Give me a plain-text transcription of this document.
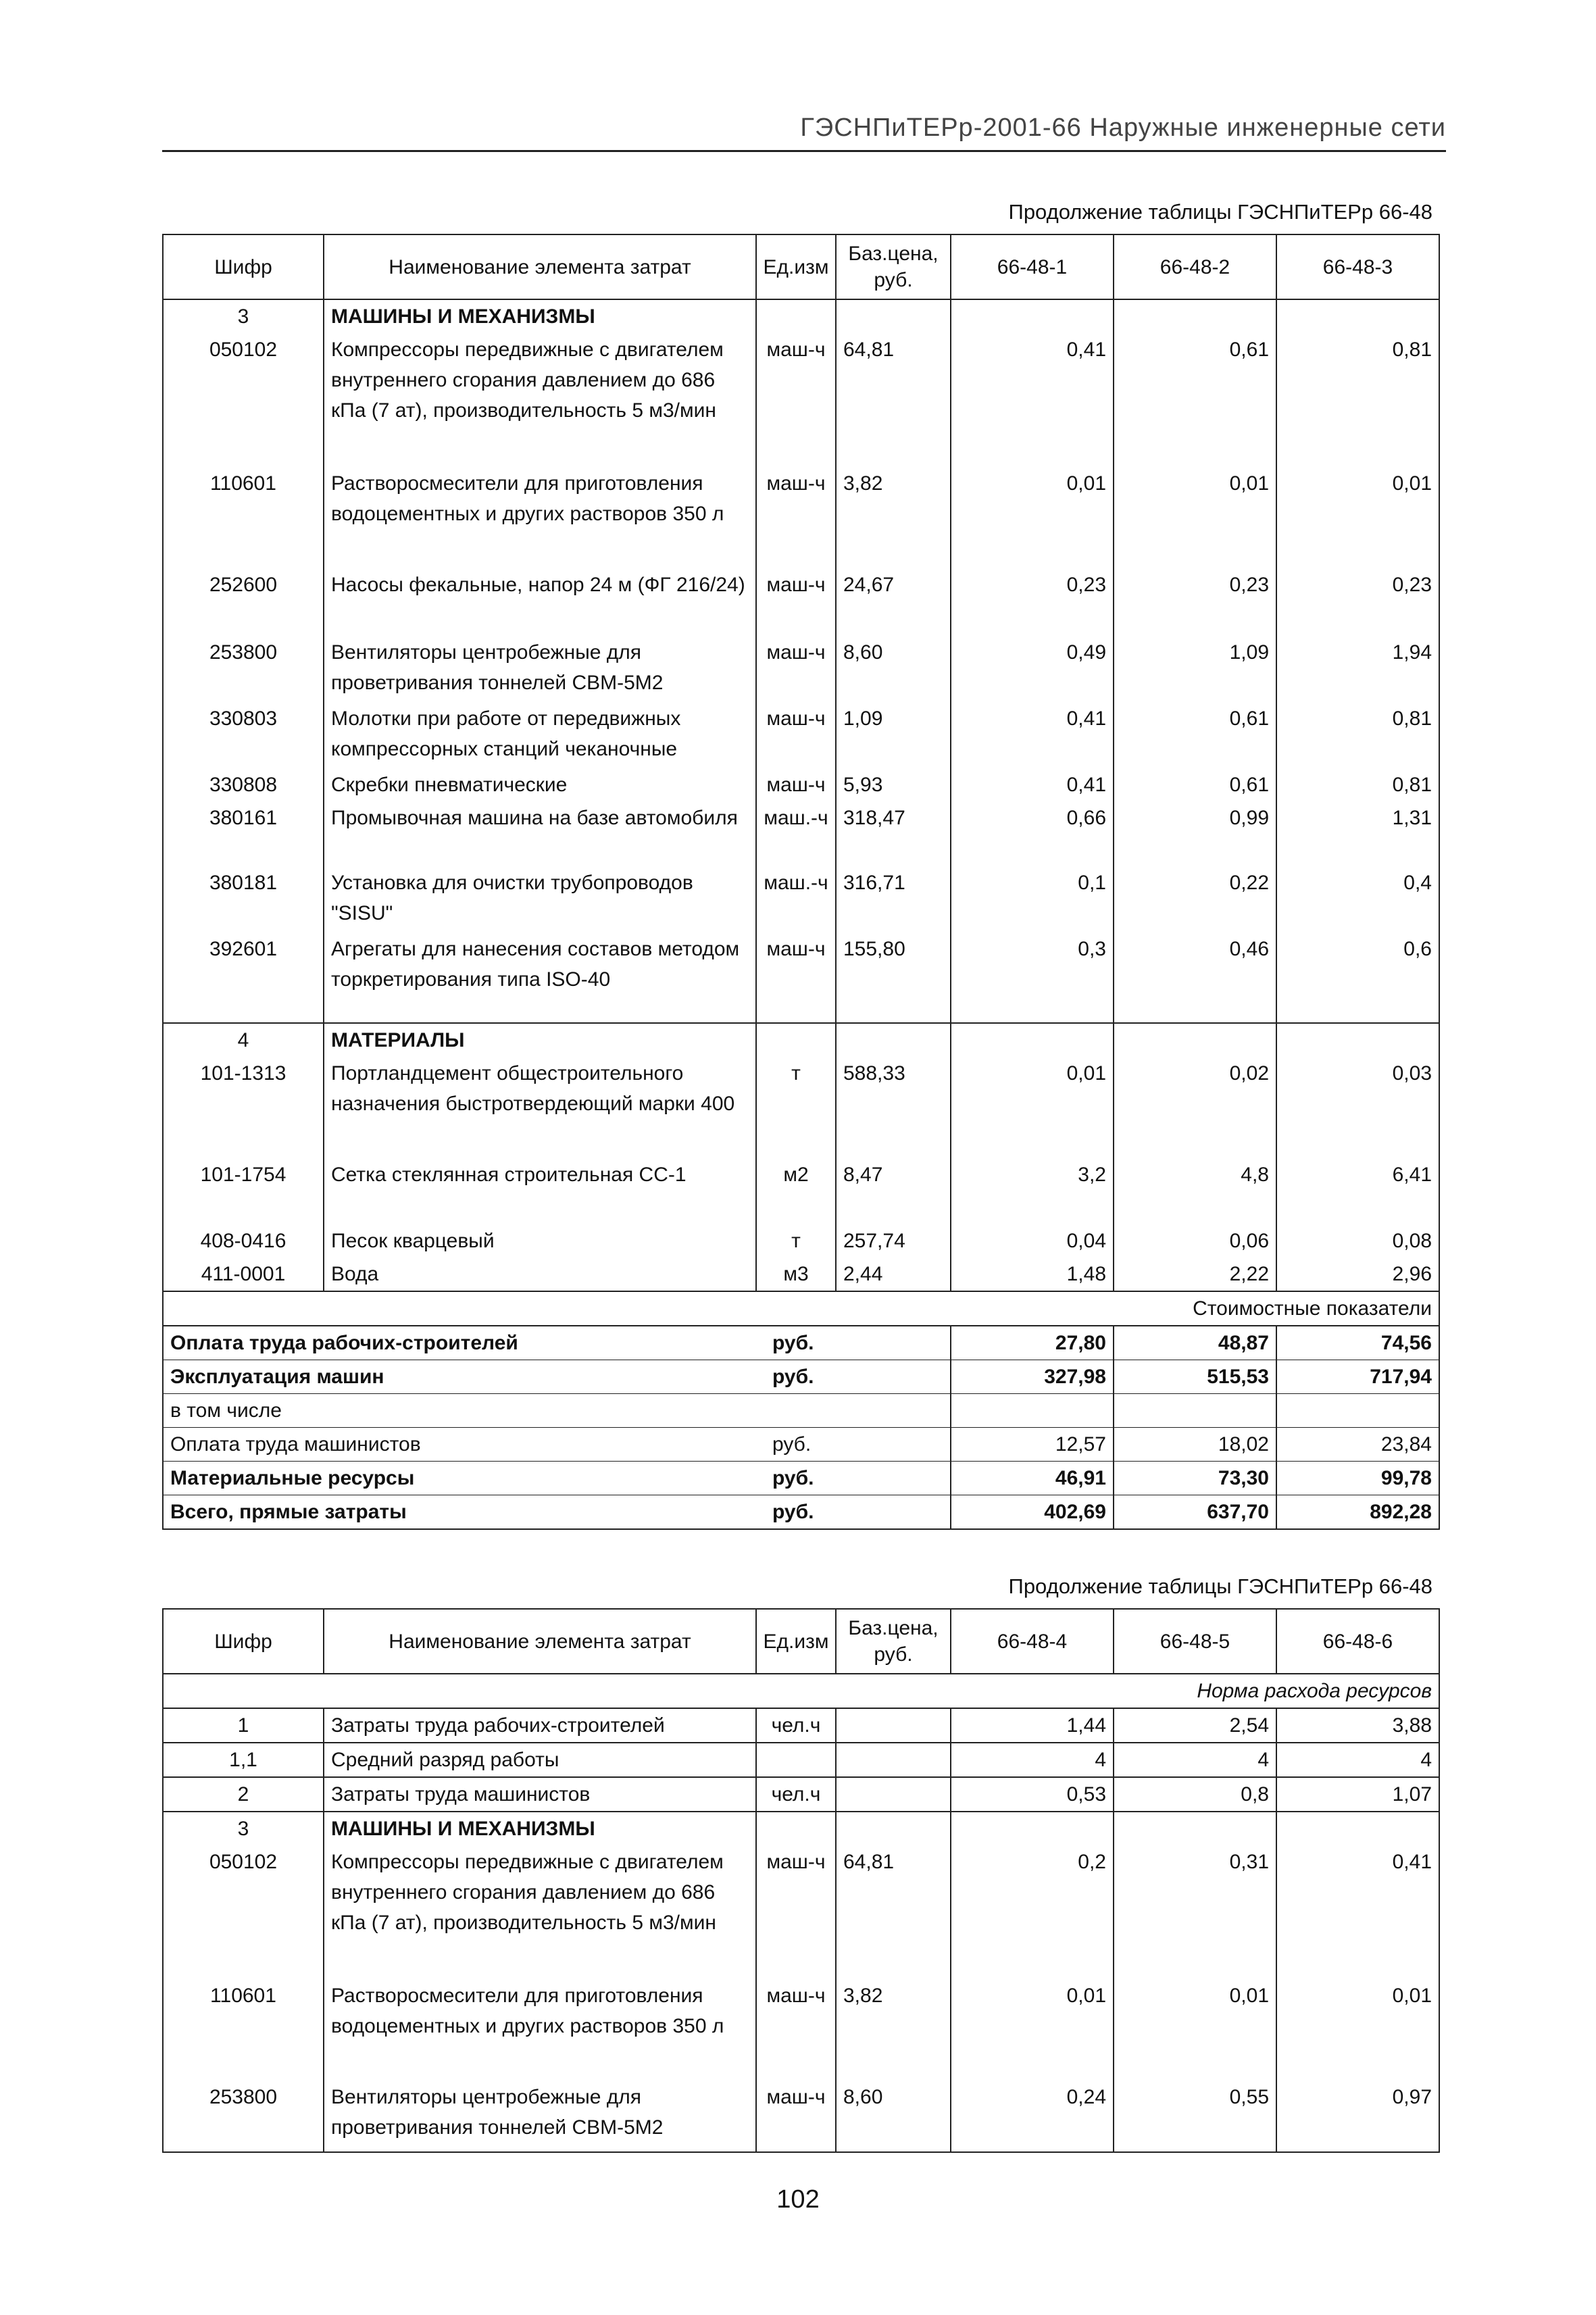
ГЭСНПиТЕРр-2001-66 Наружные инженерные сети
Продолжение таблицы ГЭСНПиТЕРр 66-48
Шифр	Наименование элемента затрат	Ед.изм	Баз.цена, руб.	66-48-1	66-48-2	66-48-3
3	МАШИНЫ И МЕХАНИЗМЫ					
050102	Компрессоры передвижные с двигателем внутреннего сгорания давлением до 686 кПа (7 ат), производительность 5 м3/мин	маш-ч	64,81	0,41	0,61	0,81
110601	Растворосмесители для приготовления водоцементных и других растворов 350 л	маш-ч	3,82	0,01	0,01	0,01
252600	Насосы фекальные, напор 24 м (ФГ 216/24)	маш-ч	24,67	0,23	0,23	0,23
253800	Вентиляторы центробежные для проветривания тоннелей СВМ-5М2	маш-ч	8,60	0,49	1,09	1,94
330803	Молотки при работе от передвижных компрессорных станций чеканочные	маш-ч	1,09	0,41	0,61	0,81
330808	Скребки пневматические	маш-ч	5,93	0,41	0,61	0,81
380161	Промывочная машина на базе автомобиля	маш.-ч	318,47	0,66	0,99	1,31
380181	Установка для очистки трубопроводов "SISU"	маш.-ч	316,71	0,1	0,22	0,4
392601	Агрегаты для нанесения составов методом торкретирования типа ISO-40	маш-ч	155,80	0,3	0,46	0,6
4	МАТЕРИАЛЫ					
101-1313	Портландцемент общестроительного назначения быстротвердеющий марки 400	т	588,33	0,01	0,02	0,03
101-1754	Сетка стеклянная строительная СС-1	м2	8,47	3,2	4,8	6,41
408-0416	Песок кварцевый	т	257,74	0,04	0,06	0,08
411-0001	Вода	м3	2,44	1,48	2,22	2,96
Стоимостные показатели						
Оплата труда рабочих-строителей		руб.		27,80	48,87	74,56
Эксплуатация машин		руб.		327,98	515,53	717,94
в том числе						
Оплата труда машинистов		руб.		12,57	18,02	23,84
Материальные ресурсы		руб.		46,91	73,30	99,78
Всего, прямые затраты		руб.		402,69	637,70	892,28
Продолжение таблицы ГЭСНПиТЕРр 66-48
Шифр	Наименование элемента затрат	Ед.изм	Баз.цена, руб.	66-48-4	66-48-5	66-48-6
Норма расхода ресурсов						
1	Затраты труда рабочих-строителей	чел.ч		1,44	2,54	3,88
1,1	Средний разряд работы			4	4	4
2	Затраты труда машинистов	чел.ч		0,53	0,8	1,07
3	МАШИНЫ И МЕХАНИЗМЫ					
050102	Компрессоры передвижные с двигателем внутреннего сгорания давлением до 686 кПа (7 ат), производительность 5 м3/мин	маш-ч	64,81	0,2	0,31	0,41
110601	Растворосмесители для приготовления водоцементных и других растворов 350 л	маш-ч	3,82	0,01	0,01	0,01
253800	Вентиляторы центробежные для проветривания тоннелей СВМ-5М2	маш-ч	8,60	0,24	0,55	0,97
102
